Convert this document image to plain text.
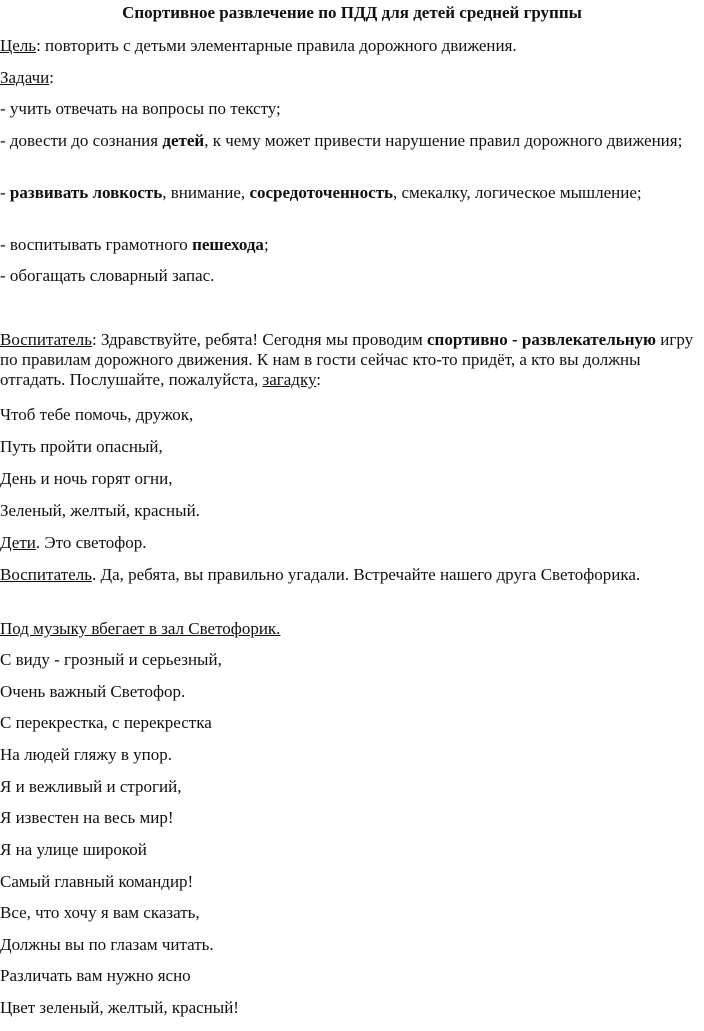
Спортивное развлечение по ПДД для детей средней группы
Цель: повторить с детьми элементарные правила дорожного движения.
Задачи:
- учить отвечать на вопросы по тексту;
- довести до сознания детей, к чему может привести нарушение правил дорожного движения;
- развивать ловкость, внимание, сосредоточенность, смекалку, логическое мышление;
- воспитывать грамотного пешехода;
- обогащать словарный запас.
Воспитатель: Здравствуйте, ребята! Сегодня мы проводим спортивно - развлекательную игру по правилам дорожного движения. К нам в гости сейчас кто-то придёт, а кто вы должны отгадать. Послушайте, пожалуйста, загадку:
Чтоб тебе помочь, дружок,
Путь пройти опасный,
День и ночь горят огни,
Зеленый, желтый, красный.
Дети. Это светофор.
Воспитатель. Да, ребята, вы правильно угадали. Встречайте нашего друга Светофорика.
Под музыку вбегает в зал Светофорик.
С виду - грозный и серьезный,
Очень важный Светофор.
С перекрестка, с перекрестка
На людей гляжу в упор.
Я и вежливый и строгий,
Я известен на весь мир!
Я на улице широкой
Самый главный командир!
Все, что хочу я вам сказать,
Должны вы по глазам читать.
Различать вам нужно ясно
Цвет зеленый, желтый, красный!
